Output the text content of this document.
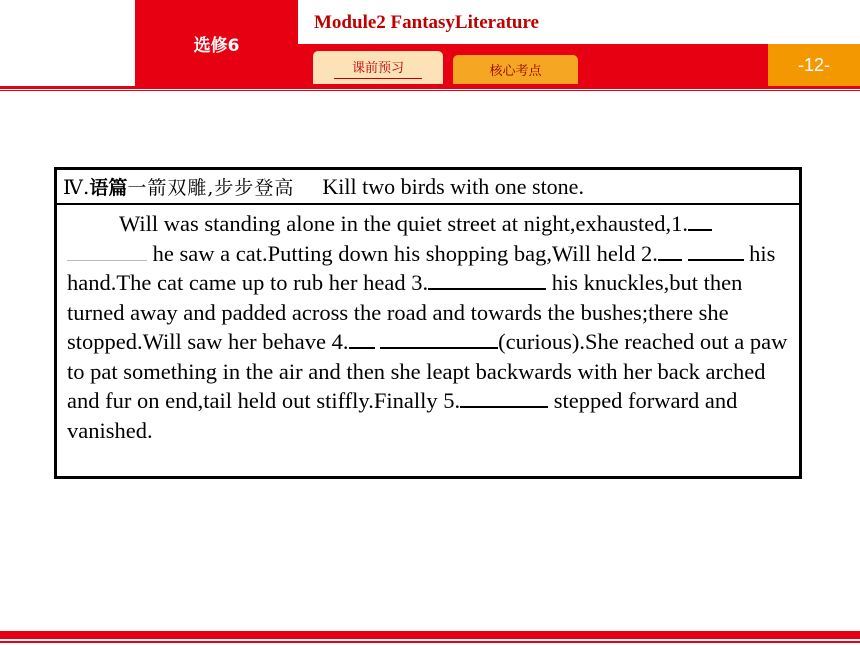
选修6
Module2 FantasyLiterature
课前预习	核心考点	-12-
Ⅳ. 语篇 一箭双雕,步步登高 Kill two birds with one stone.

Will was standing alone in the quiet street at night,exhausted,1.  he saw a cat.Putting down his shopping bag,Will held 2.	his hand.The cat came up to rub her head 3.	his knuckles,but then turned away and padded across the road and towards the bushes;there she stopped.Will saw her behave 4.	(curious).She reached out a paw to pat something in the air and then she leapt backwards with her back arched and fur on end,tail held out stiffly.Finally 5.	stepped forward and vanished.
